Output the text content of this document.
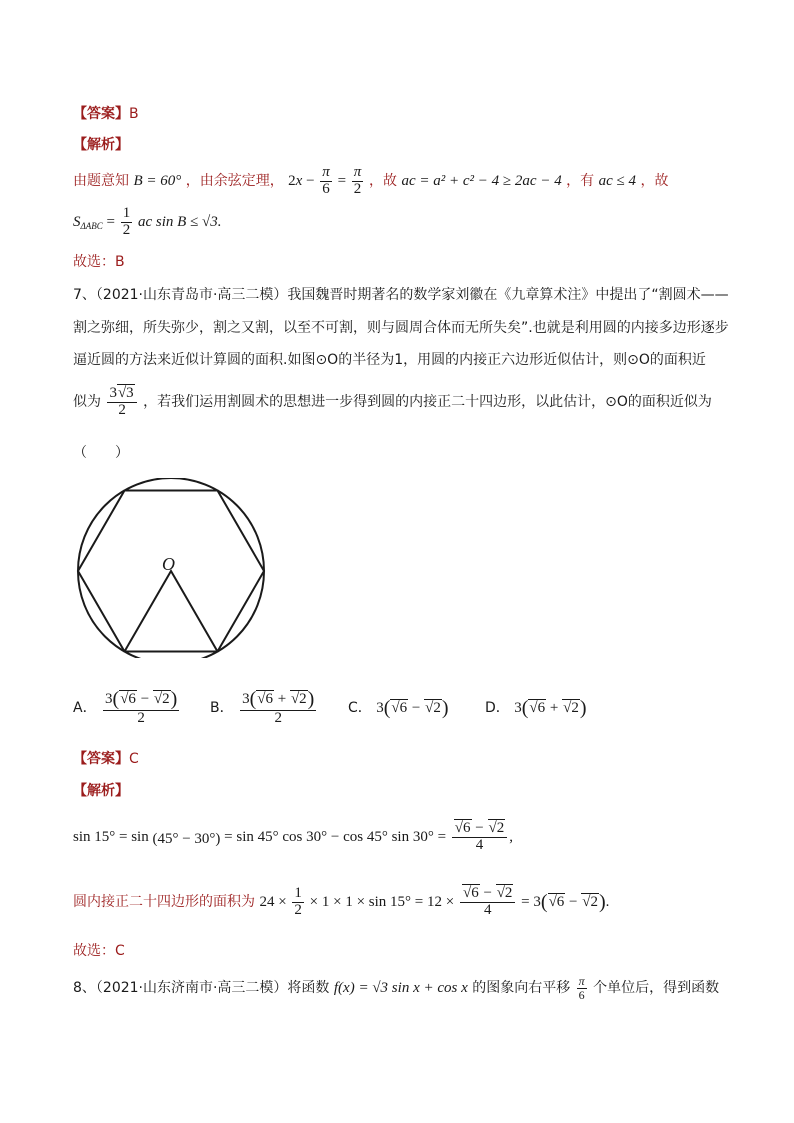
【答案】B
【解析】
由题意知 B = 60° ，由余弦定理， $2x - \frac{\pi}{6} = \frac{\pi}{2}$ ，故 ac = a² + c² − 4 ≥ 2ac − 4 ，有 ac ≤ 4 ，故
$S_{\Delta ABC} = \frac{1}{2}$ ac sin B ≤ √3.
故选：B
7、（2021·山东青岛市·高三二模）我国魏晋时期著名的数学家刘徽在《九章算术注》中提出了“割圆术——
割之弥细，所失弥少，割之又割，以至不可割，则与圆周合体而无所失矣”.也就是利用圆的内接多边形逐步
逼近圆的方法来近似计算圆的面积.如图⊙O的半径为1，用圆的内接正六边形近似估计，则⊙O的面积近
似为 $\frac{3√3}{2}$ ，若我们运用割圆术的思想进一步得到圆的内接正二十四边形，以此估计，⊙O的面积近似为
（　　）
O
A． $\frac{3(√6 - √2)}{2}$ B． $\frac{3(√6 + √2)}{2}$ C． 3(√6 − √2)	D． 3(√6 + √2)
【答案】C
【解析】
sin 15° = sin (45° − 30°) = sin 45° cos 30° − cos 45° $\sin 30^\circ = \frac{√6 - √2}{4}$ ,
圆内接正二十四边形的面积为 $24 \times \frac{1}{2} \times 1 \times 1 \times \sin 15^\circ = 12 \times \frac{√6 - √2}{4} = 3(√6 - √2)$.
故选：C
8、（2021·山东济南市·高三二模）将函数 f(x) = √3 sin x + cos x 的图象向右平移 $\frac{\pi}{6}$ 个单位后，得到函数
